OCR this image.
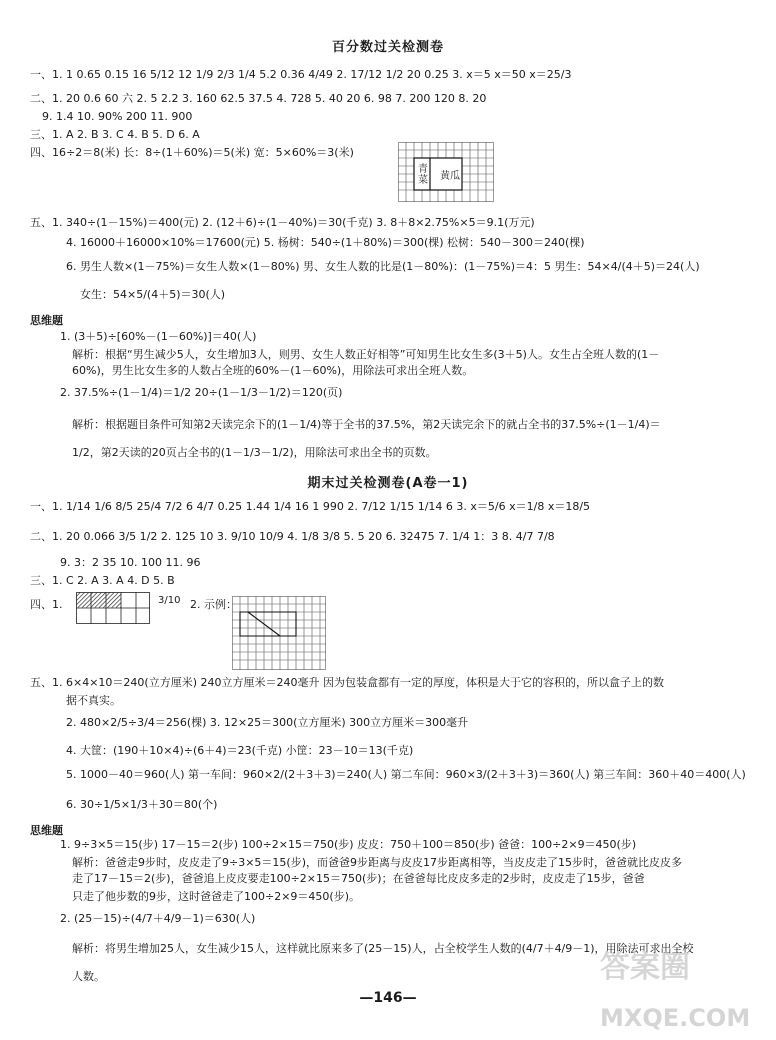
百分数过关检测卷
一、1. 1 0.65 0.15 16 5/12 12 1/9 2/3 1/4 5.2 0.36 4/49 2. 17/12 1/2 20 0.25 3. x＝5 x＝50 x＝25/3
二、1. 20 0.6 60 六 2. 5 2.2 3. 160 62.5 37.5 4. 728 5. 40 20 6. 98 7. 200 120 8. 20
9. 1.4 10. 90% 200 11. 900
三、1. A 2. B 3. C 4. B 5. D 6. A
四、16÷2＝8(米) 长：8÷(1＋60%)＝5(米) 宽：5×60%＝3(米)
青菜	黄瓜
五、1. 340÷(1－15%)＝400(元) 2. (12＋6)÷(1－40%)＝30(千克) 3. 8＋8×2.75%×5＝9.1(万元)
4. 16000＋16000×10%＝17600(元) 5. 杨树：540÷(1＋80%)＝300(棵) 松树：540－300＝240(棵)
6. 男生人数×(1－75%)＝女生人数×(1－80%) 男、女生人数的比是(1－80%)：(1－75%)＝4：5 男生：54×4/(4＋5)＝24(人)
女生：54×5/(4＋5)＝30(人)
思维题
1. (3＋5)÷[60%－(1－60%)]＝40(人)
解析：根据“男生减少5人，女生增加3人，则男、女生人数正好相等”可知男生比女生多(3＋5)人。女生占全班人数的(1－
60%)，男生比女生多的人数占全班的60%－(1－60%)，用除法可求出全班人数。
2. 37.5%÷(1－1/4)＝1/2 20÷(1－1/3－1/2)＝120(页)
解析：根据题目条件可知第2天读完余下的(1－1/4)等于全书的37.5%，第2天读完余下的就占全书的37.5%÷(1－1/4)＝
1/2，第2天读的20页占全书的(1－1/3－1/2)，用除法可求出全书的页数。
期末过关检测卷(A卷一1)
一、1. 1/14 1/6 8/5 25/4 7/2 6 4/7 0.25 1.44 1/4 16 1 990 2. 7/12 1/15 1/14 6 3. x＝5/6 x＝1/8 x＝18/5
二、1. 20 0.066 3/5 1/2 2. 125 10 3. 9/10 10/9 4. 1/8 3/8 5. 5 20 6. 32475 7. 1/4 1：3 8. 4/7 7/8
9. 3：2 35 10. 100 11. 96
三、1. C 2. A 3. A 4. D 5. B
四、1.	3/10 2. 示例：
五、1. 6×4×10＝240(立方厘米) 240立方厘米＝240毫升 因为包装盒都有一定的厚度，体积是大于它的容积的，所以盒子上的数
据不真实。
2. 480×2/5÷3/4＝256(棵) 3. 12×25＝300(立方厘米) 300立方厘米＝300毫升
4. 大筐：(190＋10×4)÷(6＋4)＝23(千克) 小筐：23－10＝13(千克)
5. 1000－40＝960(人) 第一车间：960×2/(2＋3＋3)＝240(人) 第二车间：960×3/(2＋3＋3)＝360(人) 第三车间：360＋40＝400(人)
6. 30÷1/5×1/3＋30＝80(个)
思维题
1. 9÷3×5＝15(步) 17－15＝2(步) 100÷2×15＝750(步) 皮皮：750＋100＝850(步) 爸爸：100÷2×9＝450(步)
解析：爸爸走9步时，皮皮走了9÷3×5＝15(步)，而爸爸9步距离与皮皮17步距离相等，当皮皮走了15步时，爸爸就比皮皮多
走了17－15＝2(步)，爸爸追上皮皮要走100÷2×15＝750(步)；在爸爸每比皮皮多走的2步时，皮皮走了15步，爸爸
只走了他步数的9步，这时爸爸走了100÷2×9＝450(步)。
2. (25－15)÷(4/7＋4/9－1)＝630(人)
解析：将男生增加25人，女生减少15人，这样就比原来多了(25－15)人，占全校学生人数的(4/7＋4/9－1)，用除法可求出全校
人数。
—146—
答案圈
MXQE.COM
